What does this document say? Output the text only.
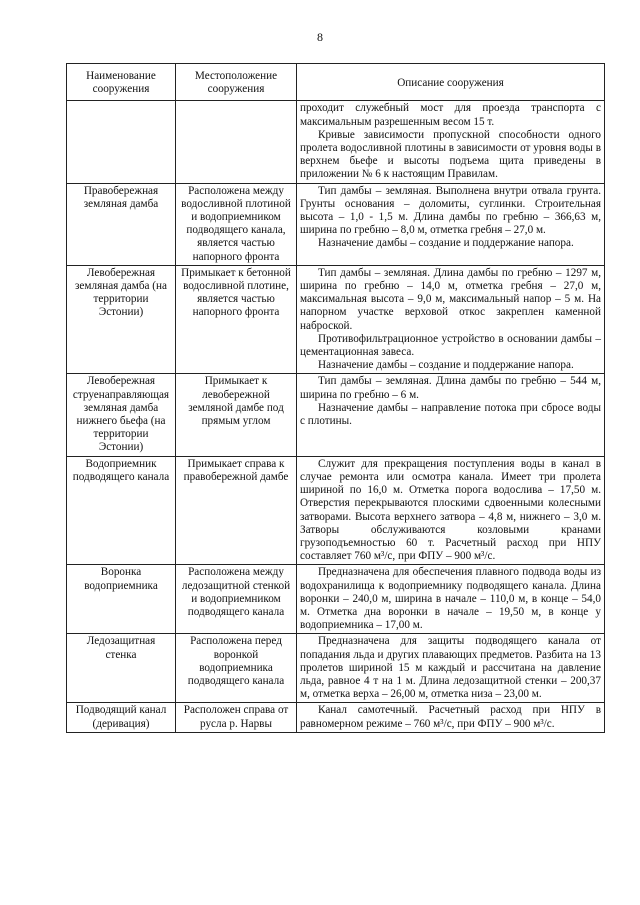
8
Наименование сооружения	Местоположение сооружения	Описание сооружения

		проходит служебный мост для проезда транспорта с максимальным разрешенным весом 15 т.

Кривые зависимости пропускной способности одного пролета водосливной плотины в зависимости от уровня воды в верхнем бьефе и высоты подъема щита приведены в приложении № 6 к настоящим Правилам.

Правобережная земляная дамба	Расположена между водосливной плотиной и водоприемником подводящего канала, является частью напорного фронта	Тип дамбы – земляная. Выполнена внутри отвала грунта. Грунты основания – доломиты, суглинки. Строительная высота – 1,0 - 1,5 м. Длина дамбы по гребню – 366,63 м, ширина по гребню – 8,0 м, отметка гребня – 27,0 м.

Назначение дамбы – создание и поддержание напора.

Левобережная земляная дамба (на территории Эстонии)	Примыкает к бетонной водосливной плотине, является частью напорного фронта	Тип дамбы – земляная. Длина дамбы по гребню – 1297 м, ширина по гребню – 14,0 м, отметка гребня – 27,0 м, максимальная высота – 9,0 м, максимальный напор – 5 м. На напорном участке верховой откос закреплен каменной наброской.

Противофильтрационное устройство в основании дамбы – цементационная завеса.

Назначение дамбы – создание и поддержание напора.

Левобережная струенаправляющая земляная дамба нижнего бьефа (на территории Эстонии)	Примыкает к левобережной земляной дамбе под прямым углом	Тип дамбы – земляная. Длина дамбы по гребню – 544 м, ширина по гребню – 6 м.

Назначение дамбы – направление потока при сбросе воды с плотины.

Водоприемник подводящего канала	Примыкает справа к правобережной дамбе	Служит для прекращения поступления воды в канал в случае ремонта или осмотра канала. Имеет три пролета шириной по 16,0 м. Отметка порога водослива – 17,50 м. Отверстия перекрываются плоскими сдвоенными колесными затворами. Высота верхнего затвора – 4,8 м, нижнего – 3,0 м. Затворы обслуживаются козловыми кранами грузоподъемностью 60 т. Расчетный расход при НПУ составляет 760 м³/с, при ФПУ – 900 м³/с.

Воронка водоприемника	Расположена между ледозащитной стенкой и водоприемником подводящего канала	Предназначена для обеспечения плавного подвода воды из водохранилища к водоприемнику подводящего канала. Длина воронки – 240,0 м, ширина в начале – 110,0 м, в конце – 54,0 м. Отметка дна воронки в начале – 19,50 м, в конце у водоприемника – 17,00 м.

Ледозащитная стенка	Расположена перед воронкой водоприемника подводящего канала	Предназначена для защиты подводящего канала от попадания льда и других плавающих предметов. Разбита на 13 пролетов шириной 15 м каждый и рассчитана на давление льда, равное 4 т на 1 м. Длина ледозащитной стенки – 200,37 м, отметка верха – 26,00 м, отметка низа – 23,00 м.

Подводящий канал (деривация)	Расположен справа от русла р. Нарвы	Канал самотечный. Расчетный расход при НПУ в равномерном режиме – 760 м³/с, при ФПУ – 900 м³/с.
